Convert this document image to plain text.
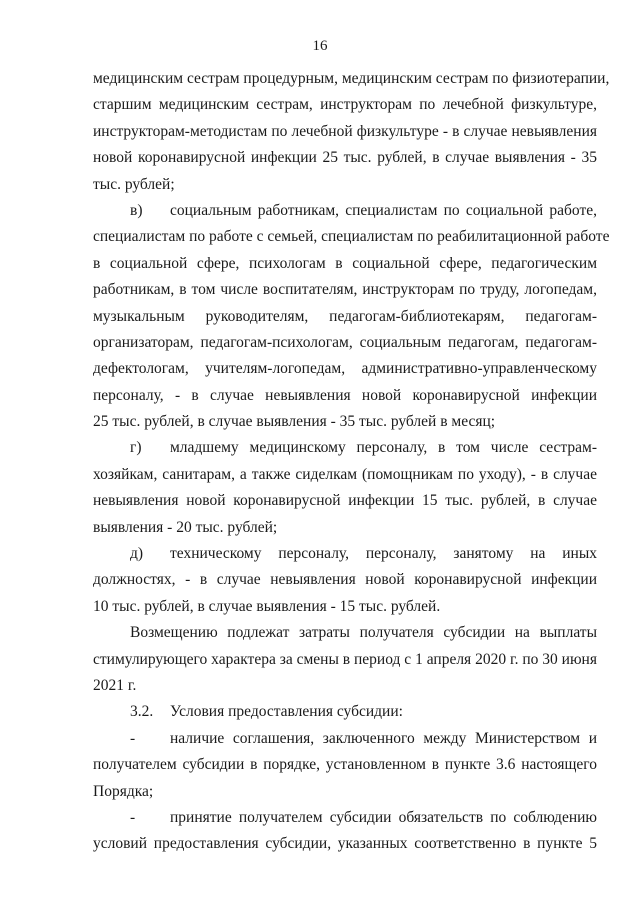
16
медицинским сестрам процедурным, медицинским сестрам по физиотерапии,
старшим медицинским сестрам, инструкторам по лечебной физкультуре,
инструкторам-методистам по лечебной физкультуре - в случае невыявления
новой коронавирусной инфекции 25 тыс. рублей, в случае выявления - 35
тыс. рублей;
в)	социальным работникам, специалистам по социальной работе,
специалистам по работе с семьей, специалистам по реабилитационной работе
в социальной сфере, психологам в социальной сфере, педагогическим
работникам, в том числе воспитателям, инструкторам по труду, логопедам,
музыкальным руководителям, педагогам-библиотекарям, педагогам-
организаторам, педагогам-психологам, социальным педагогам, педагогам-
дефектологам, учителям-логопедам, административно-управленческому
персоналу, - в случае невыявления новой коронавирусной инфекции
25 тыс. рублей, в случае выявления - 35 тыс. рублей в месяц;
г)	младшему медицинскому персоналу, в том числе сестрам-
хозяйкам, санитарам, а также сиделкам (помощникам по уходу), - в случае
невыявления новой коронавирусной инфекции 15 тыс. рублей, в случае
выявления - 20 тыс. рублей;
д)	техническому персоналу, персоналу, занятому на иных
должностях, - в случае невыявления новой коронавирусной инфекции
10 тыс. рублей, в случае выявления - 15 тыс. рублей.
Возмещению подлежат затраты получателя субсидии на выплаты
стимулирующего характера за смены в период с 1 апреля 2020 г. по 30 июня
2021 г.
3.2.	Условия предоставления субсидии:
-	наличие соглашения, заключенного между Министерством и
получателем субсидии в порядке, установленном в пункте 3.6 настоящего
Порядка;
-	принятие получателем субсидии обязательств по соблюдению
условий предоставления субсидии, указанных соответственно в пункте 5
